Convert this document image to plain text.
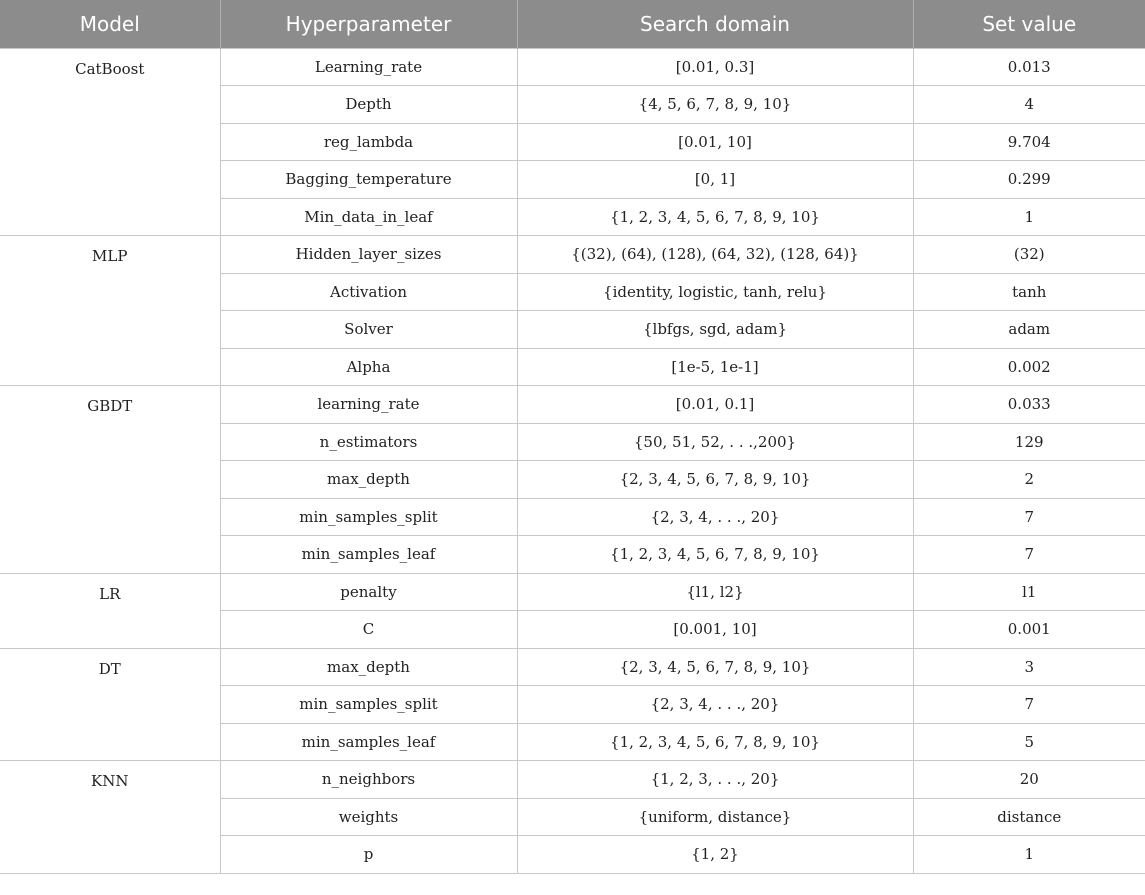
Model	Hyperparameter	Search domain	Set value
CatBoost	Learning_rate	[0.01, 0.3]	0.013
	Depth	{4, 5, 6, 7, 8, 9, 10}	4
	reg_lambda	[0.01, 10]	9.704
	Bagging_temperature	[0, 1]	0.299
	Min_data_in_leaf	{1, 2, 3, 4, 5, 6, 7, 8, 9, 10}	1
MLP	Hidden_layer_sizes	{(32), (64), (128), (64, 32), (128, 64)}	(32)
	Activation	{identity, logistic, tanh, relu}	tanh
	Solver	{lbfgs, sgd, adam}	adam
	Alpha	[1e-5, 1e-1]	0.002
GBDT	learning_rate	[0.01, 0.1]	0.033
	n_estimators	{50, 51, 52, . . .,200}	129
	max_depth	{2, 3, 4, 5, 6, 7, 8, 9, 10}	2
	min_samples_split	{2, 3, 4, . . ., 20}	7
	min_samples_leaf	{1, 2, 3, 4, 5, 6, 7, 8, 9, 10}	7
LR	penalty	{l1, l2}	l1
	C	[0.001, 10]	0.001
DT	max_depth	{2, 3, 4, 5, 6, 7, 8, 9, 10}	3
	min_samples_split	{2, 3, 4, . . ., 20}	7
	min_samples_leaf	{1, 2, 3, 4, 5, 6, 7, 8, 9, 10}	5
KNN	n_neighbors	{1, 2, 3, . . ., 20}	20
	weights	{uniform, distance}	distance
	p	{1, 2}	1
